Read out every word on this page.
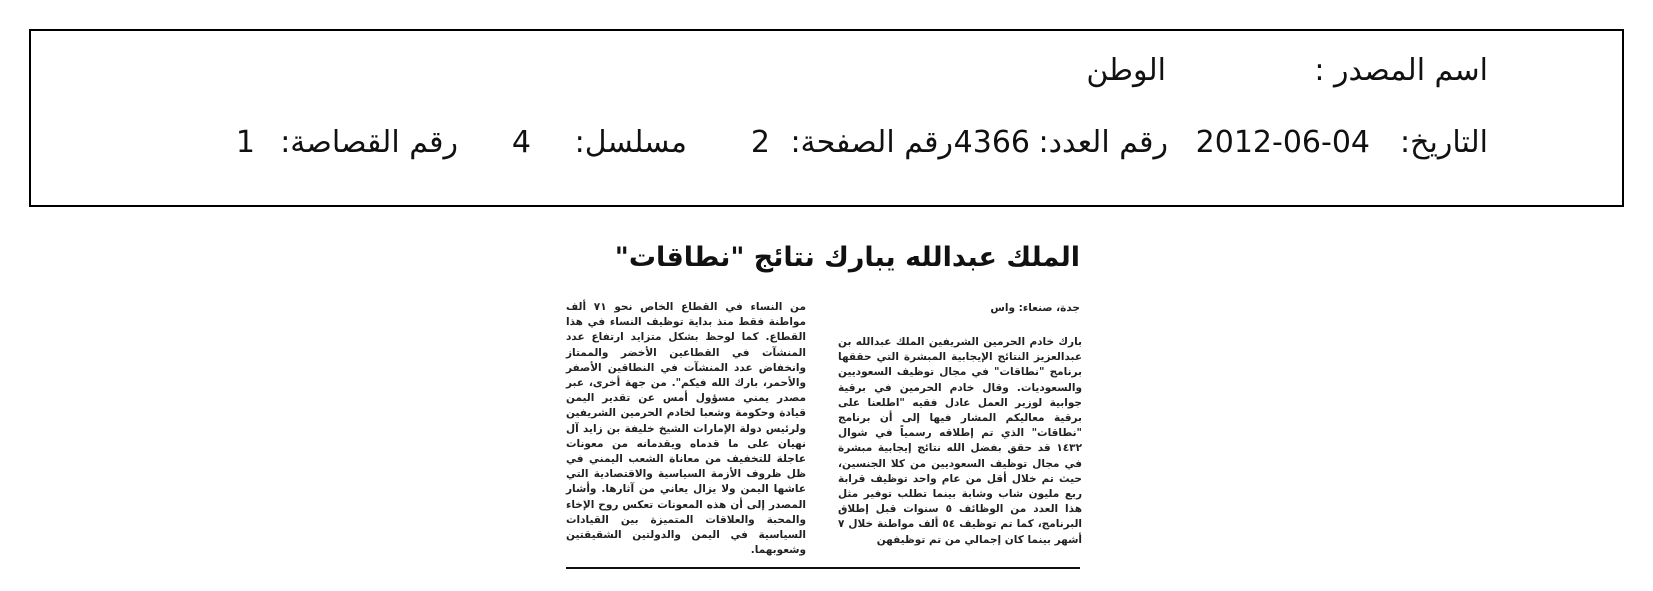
اسم المصدر :
الوطن
التاريخ:
2012-06-04
رقم العدد:
4366
رقم الصفحة:
2
مسلسل:
4
رقم القصاصة:
1
الملك عبدالله يبارك نتائج "نطاقات"
جدة، صنعاء: واس

بارك خادم الحرمين الشريفين الملك عبدالله بن عبدالعزيز النتائج الإيجابية المبشرة التي حققها برنامج "نطاقات" في مجال توظيف السعوديين والسعوديات. وقال خادم الحرمين في برقية جوابية لوزير العمل عادل فقيه "اطلعنا على برقية معاليكم المشار فيها إلى أن برنامج "نطاقات" الذي تم إطلاقه رسمياً في شوال ١٤٣٢ قد حقق بفضل الله نتائج إيجابية مبشرة في مجال توظيف السعوديين من كلا الجنسين، حيث تم خلال أقل من عام واحد توظيف قرابة ربع مليون شاب وشابة بينما تطلب توفير مثل هذا العدد من الوظائف ٥ سنوات قبل إطلاق البرنامج، كما تم توظيف ٥٤ ألف مواطنة خلال ٧ أشهر بينما كان إجمالي من تم توظيفهن

من النساء في القطاع الخاص نحو ٧١ ألف مواطنة فقط منذ بداية توظيف النساء في هذا القطاع. كما لوحظ بشكل متزايد ارتفاع عدد المنشآت في القطاعين الأخضر والممتاز وانخفاض عدد المنشآت في النطاقين الأصفر والأحمر، بارك الله فيكم". من جهة أخرى، عبر مصدر يمني مسؤول أمس عن تقدير اليمن قيادة وحكومة وشعبا لخادم الحرمين الشريفين ولرئيس دولة الإمارات الشيخ خليفة بن زايد آل نهيان على ما قدماه ويقدمانه من معونات عاجلة للتخفيف من معاناة الشعب اليمني في ظل ظروف الأزمة السياسية والاقتصادية التي عاشها اليمن ولا يزال يعاني من آثارها. وأشار المصدر إلى أن هذه المعونات تعكس روح الإخاء والمحبة والعلاقات المتميزة بين القيادات السياسية في اليمن والدولتين الشقيقتين وشعوبهما.
